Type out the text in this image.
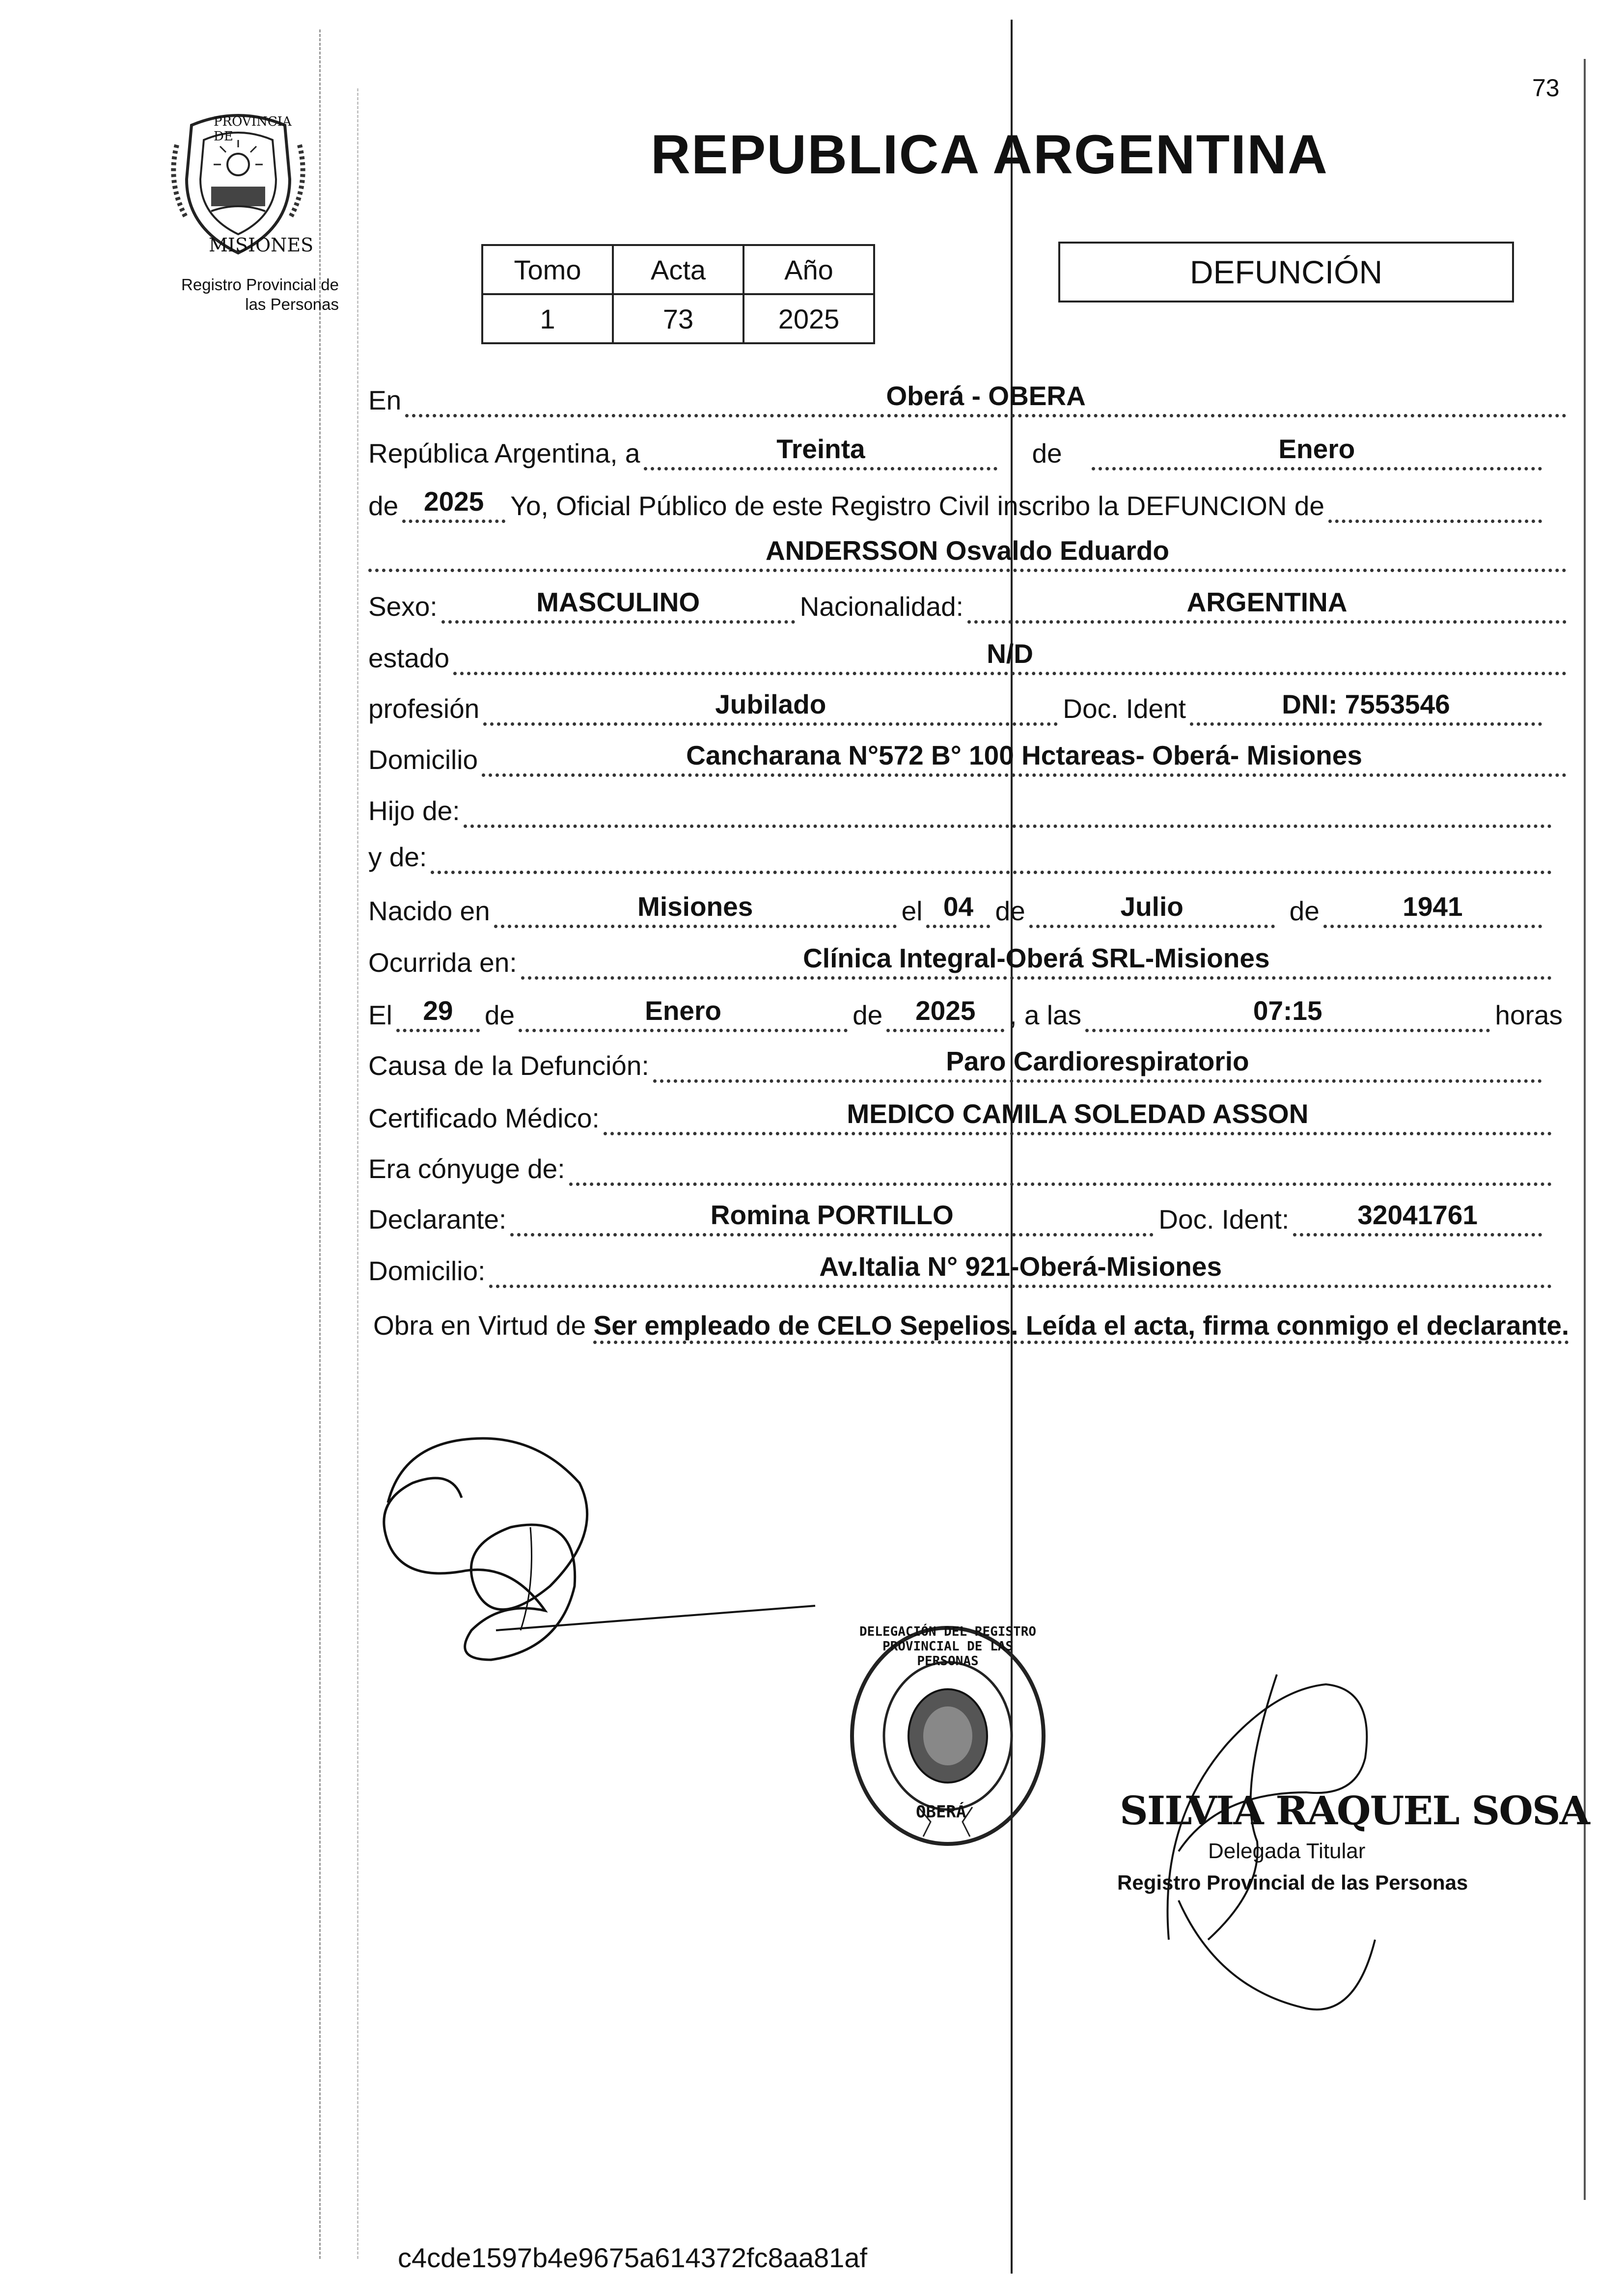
73
PROVINCIA DE
MISIONES
Registro Provincial de
las Personas
REPUBLICA ARGENTINA
Tomo	Acta	Año
1	73	2025
DEFUNCIÓN
En	Oberá - OBERA
República Argentina, a	Treinta	de	Enero
de 2025 Yo, Oficial Público de este Registro Civil inscribo la DEFUNCION de
ANDERSSON Osvaldo Eduardo
Sexo:	MASCULINO	Nacionalidad:	ARGENTINA
estado	N/D
profesión	Jubilado	Doc. Ident	DNI: 7553546
Domicilio	Cancharana N°572 B° 100 Hctareas- Oberá- Misiones
Hijo de:
y de:
Nacido en	Misiones	el 04 de	Julio	de	1941
Ocurrida en:	Clínica Integral-Oberá SRL-Misiones
El	29	de	Enero	de	2025	, a las	07:15	horas
Causa de la Defunción:	Paro Cardiorespiratorio
Certificado Médico:	MEDICO CAMILA SOLEDAD ASSON
Era cónyuge de:
Declarante:	Romina PORTILLO	Doc. Ident:	32041761
Domicilio:	Av.Italia N° 921-Oberá-Misiones
Obra en Virtud de Ser empleado de CELO Sepelios. Leída el acta, firma conmigo el declarante.
DELEGACIÓN DEL REGISTRO PROVINCIAL DE LAS PERSONAS
OBERÁ	SILVIA RAQUEL SOSA
Delegada Titular
Registro Provincial de las Personas
c4cde1597b4e9675a614372fc8aa81af
